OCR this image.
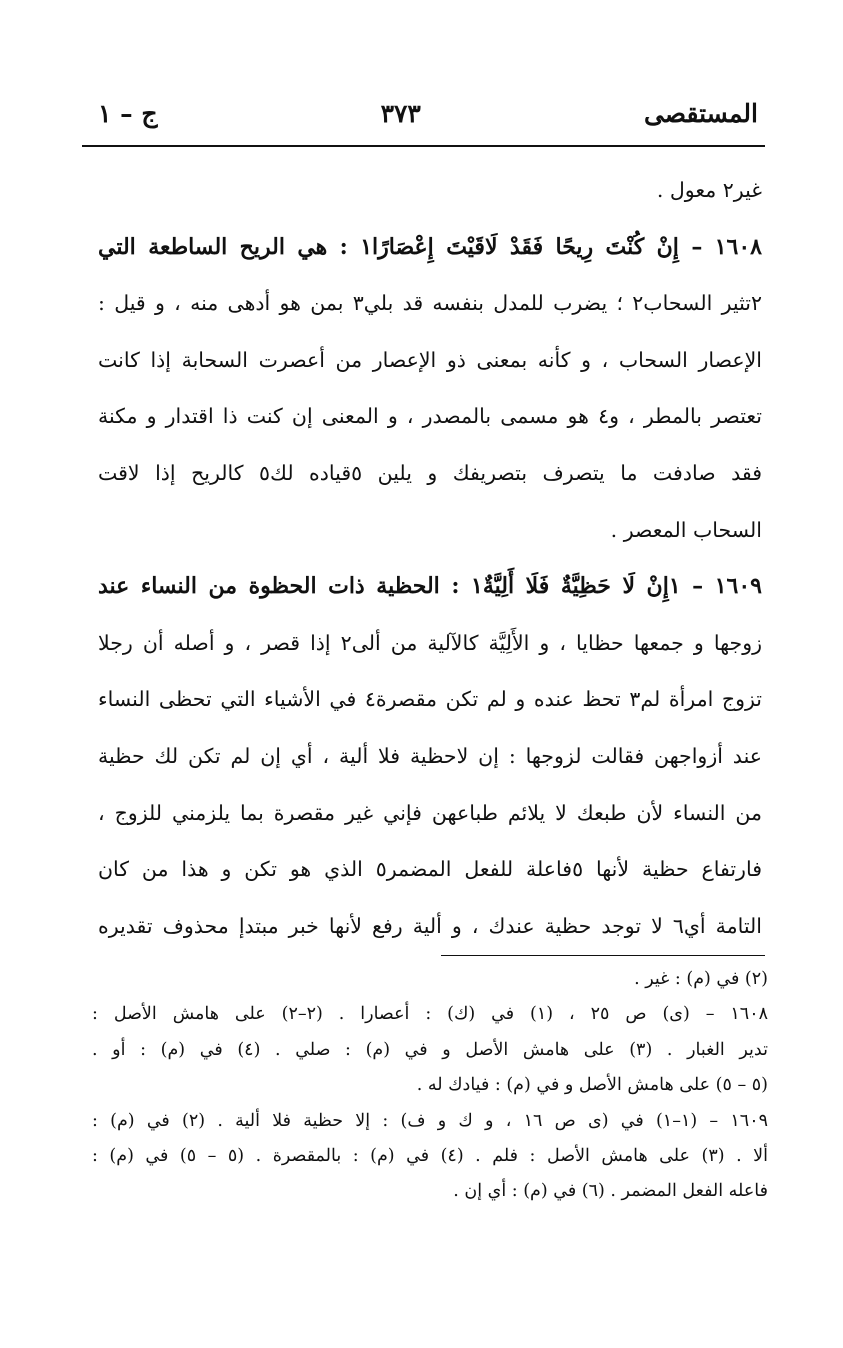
المستقصى
٣٧٣
ج – ١
غير٢ معول .
١٦٠٨ – إِنْ كُنْتَ رِيحًا فَقَدْ لَاقَيْتَ إِعْصَارًا١ : هي الريح الساطعة التي
٢تثير السحاب٢ ؛ يضرب للمدل بنفسه قد بلي٣ بمن هو أدهى منه ، و قيل :
الإعصار السحاب ، و كأنه بمعنى ذو الإعصار من أعصرت السحابة إذا كانت
تعتصر بالمطر ، و٤ هو مسمى بالمصدر ، و المعنى إن كنت ذا اقتدار و مكنة
فقد صادفت ما يتصرف بتصريفك و يلين ٥قياده لك٥ كالريح إذا لاقت
السحاب المعصر .
١٦٠٩ – ١إِنْ لَا حَظِيَّةٌ فَلَا أَلِيَّةٌ١ : الحظية ذات الحظوة من النساء عند
زوجها و جمعها حظايا ، و الأَلِيَّة كالآلية من ألى٢ إذا قصر ، و أصله أن رجلا
تزوج امرأة لم٣ تحظ عنده و لم تكن مقصرة٤ في الأشياء التي تحظى النساء
عند أزواجهن فقالت لزوجها : إن لاحظية فلا ألية ، أي إن لم تكن لك حظية
من النساء لأن طبعك لا يلائم طباعهن فإني غير مقصرة بما يلزمني للزوج ،
فارتفاع حظية لأنها ٥فاعلة للفعل المضمر٥ الذي هو تكن و هذا من كان
التامة أي٦ لا توجد حظية عندك ، و ألية رفع لأنها خبر مبتدإ محذوف تقديره
(٢) في (م) : غير .
١٦٠٨ – (ى) ص ٢٥ ، (١) في (ك) : أعصارا . (٢–٢) على هامش الأصل :
تدير الغبار . (٣) على هامش الأصل و في (م) : صلي . (٤) في (م) : أو .
(٥ – ٥) على هامش الأصل و في (م) : فيادك له .
١٦٠٩ – (١–١) في (ى ص ١٦ ، و ك و ف) : إلا حظية فلا ألية . (٢) في (م) :
ألا . (٣) على هامش الأصل : فلم . (٤) في (م) : بالمقصرة . (٥ – ٥) في (م) :
فاعله الفعل المضمر . (٦) في (م) : أي إن .
